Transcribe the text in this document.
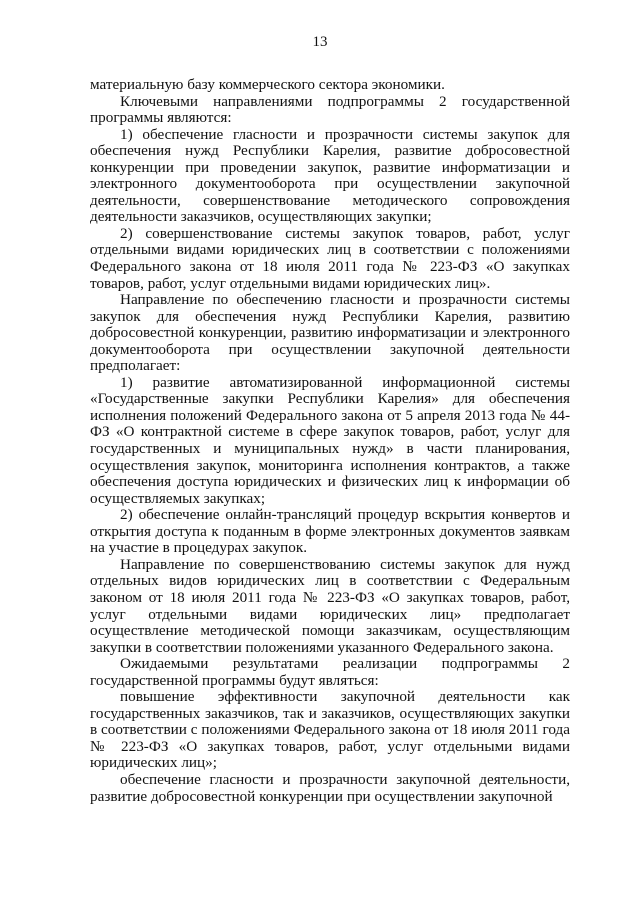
13

материальную базу коммерческого сектора экономики.

Ключевыми направлениями подпрограммы 2 государственной программы являются:

1) обеспечение гласности и прозрачности системы закупок для обеспечения нужд Республики Карелия, развитие добросовестной конкуренции при проведении закупок, развитие информатизации и электронного документооборота при осуществлении закупочной деятельности, совершенствование методического сопровождения деятельности заказчиков, осуществляющих закупки;

2) совершенствование системы закупок товаров, работ, услуг отдельными видами юридических лиц в соответствии с положениями Федерального закона от 18 июля 2011 года № 223-ФЗ «О закупках товаров, работ, услуг отдельными видами юридических лиц».

Направление по обеспечению гласности и прозрачности системы закупок для обеспечения нужд Республики Карелия, развитию добросовестной конкуренции, развитию информатизации и электронного документооборота при осуществлении закупочной деятельности предполагает:

1) развитие автоматизированной информационной системы «Государственные закупки Республики Карелия» для обеспечения исполнения положений Федерального закона от 5 апреля 2013 года № 44-ФЗ «О контрактной системе в сфере закупок товаров, работ, услуг для государственных и муниципальных нужд» в части планирования, осуществления закупок, мониторинга исполнения контрактов, а также обеспечения доступа юридических и физических лиц к информации об осуществляемых закупках;

2) обеспечение онлайн-трансляций процедур вскрытия конвертов и открытия доступа к поданным в форме электронных документов заявкам на участие в процедурах закупок.

Направление по совершенствованию системы закупок для нужд отдельных видов юридических лиц в соответствии с Федеральным законом от 18 июля 2011 года № 223-ФЗ «О закупках товаров, работ, услуг отдельными видами юридических лиц» предполагает осуществление методической помощи заказчикам, осуществляющим закупки в соответствии положениями указанного Федерального закона.

Ожидаемыми результатами реализации подпрограммы 2 государственной программы будут являться:

повышение эффективности закупочной деятельности как государственных заказчиков, так и заказчиков, осуществляющих закупки в соответствии с положениями Федерального закона от 18 июля 2011 года № 223-ФЗ «О закупках товаров, работ, услуг отдельными видами юридических лиц»;

обеспечение гласности и прозрачности закупочной деятельности, развитие добросовестной конкуренции при осуществлении закупочной
